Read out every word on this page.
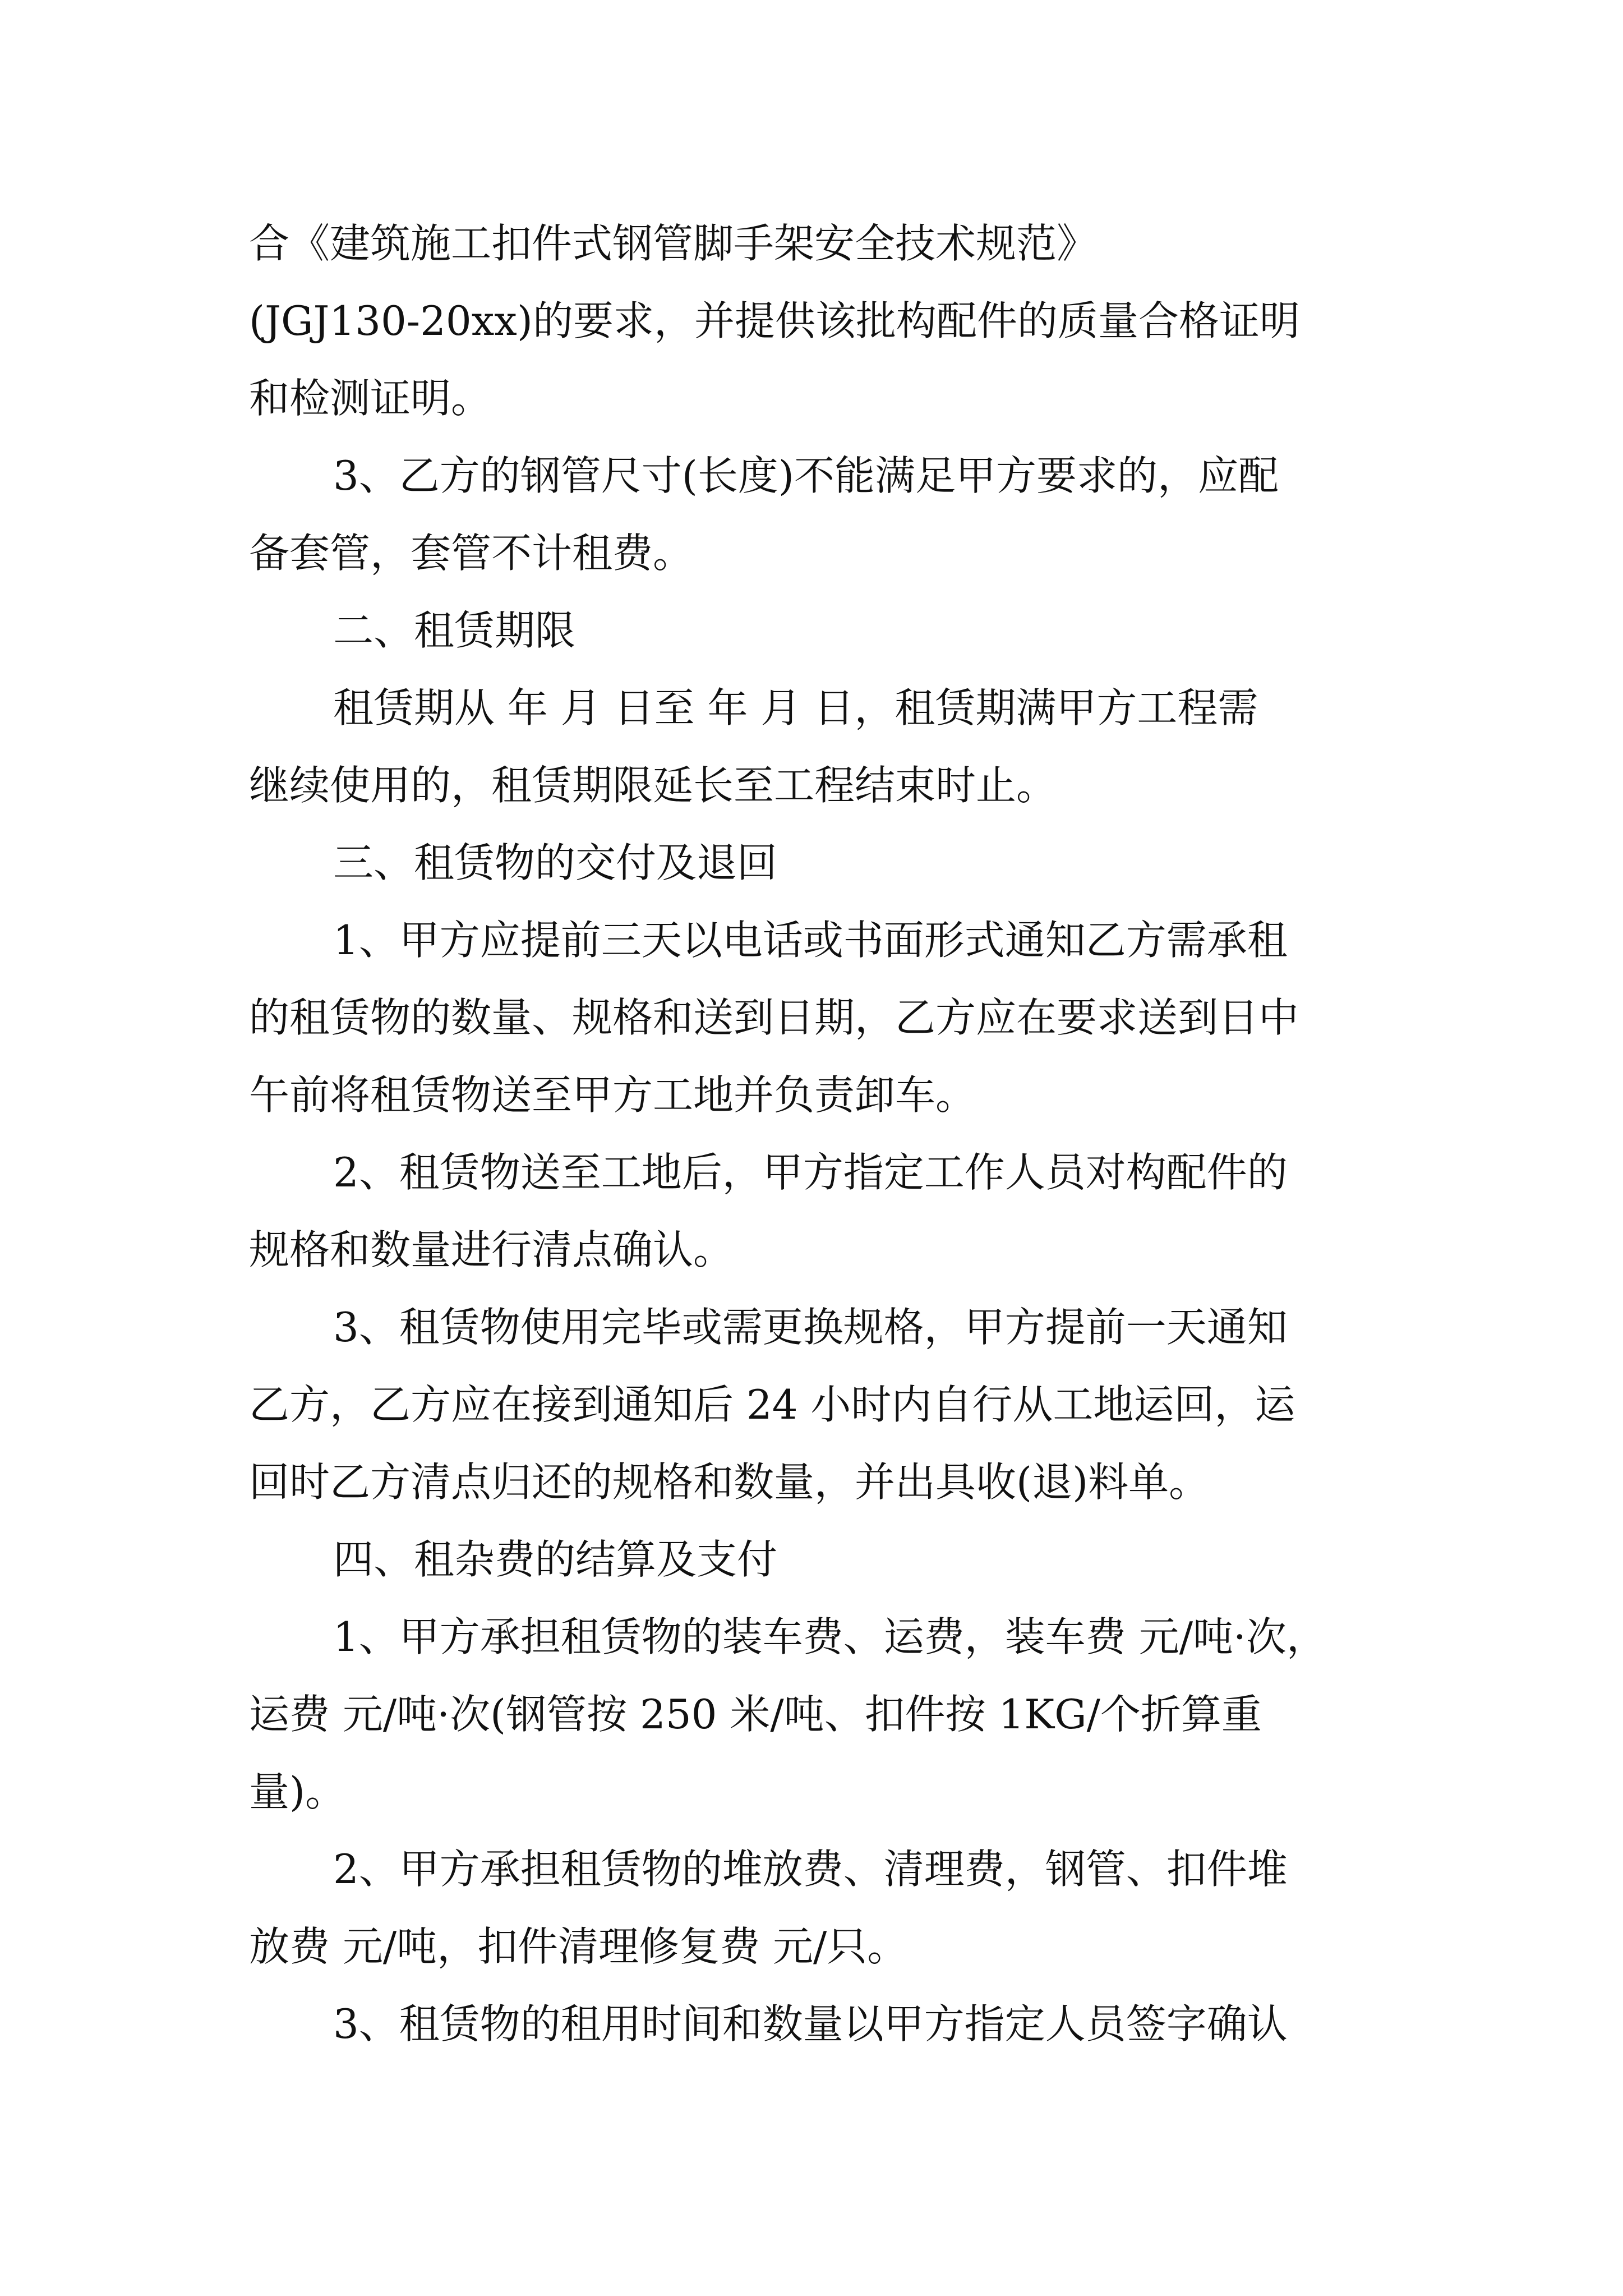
合《建筑施工扣件式钢管脚手架安全技术规范》
(JGJ130-20xx)的要求，并提供该批构配件的质量合格证明
和检测证明。
3、乙方的钢管尺寸(长度)不能满足甲方要求的，应配
备套管，套管不计租费。
二、租赁期限
租赁期从 年 月 日至 年 月 日，租赁期满甲方工程需
继续使用的，租赁期限延长至工程结束时止。
三、租赁物的交付及退回
1、甲方应提前三天以电话或书面形式通知乙方需承租
的租赁物的数量、规格和送到日期，乙方应在要求送到日中
午前将租赁物送至甲方工地并负责卸车。
2、租赁物送至工地后，甲方指定工作人员对构配件的
规格和数量进行清点确认。
3、租赁物使用完毕或需更换规格，甲方提前一天通知
乙方，乙方应在接到通知后 24 小时内自行从工地运回，运
回时乙方清点归还的规格和数量，并出具收(退)料单。
四、租杂费的结算及支付
1、甲方承担租赁物的装车费、运费，装车费 元/吨·次，
运费 元/吨·次(钢管按 250 米/吨、扣件按 1KG/个折算重
量)。
2、甲方承担租赁物的堆放费、清理费，钢管、扣件堆
放费 元/吨，扣件清理修复费 元/只。
3、租赁物的租用时间和数量以甲方指定人员签字确认
